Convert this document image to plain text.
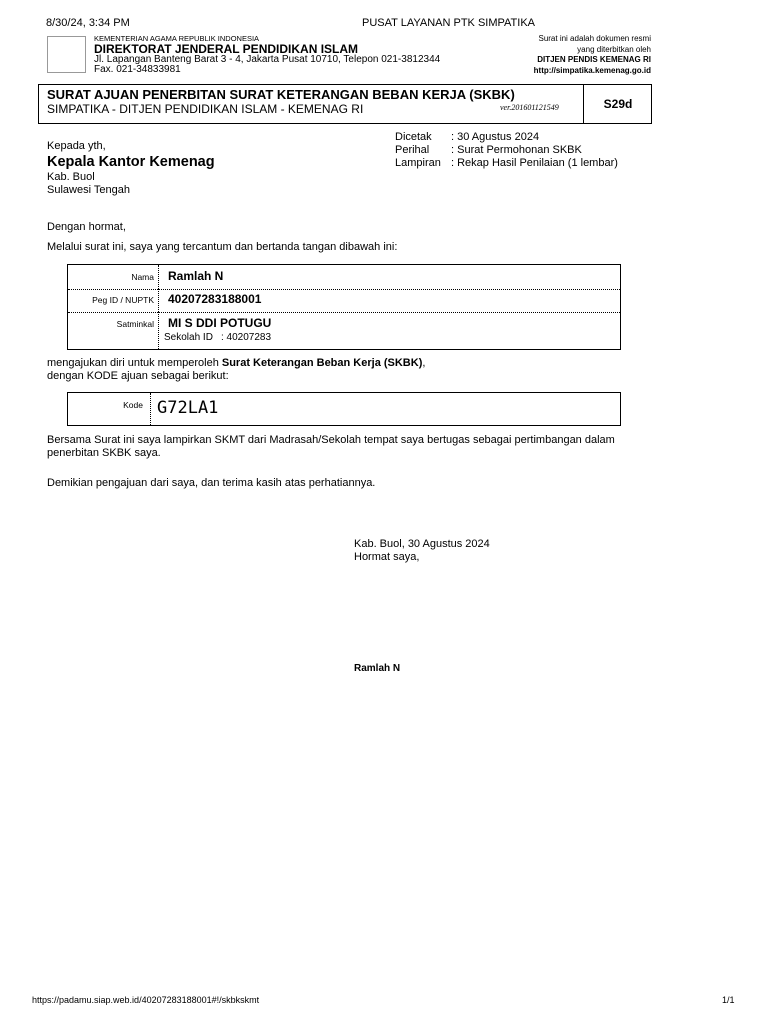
8/30/24, 3:34 PM	PUSAT LAYANAN PTK SIMPATIKA
KEMENTERIAN AGAMA REPUBLIK INDONESIA
DIREKTORAT JENDERAL PENDIDIKAN ISLAM
Jl. Lapangan Banteng Barat 3 - 4, Jakarta Pusat 10710, Telepon 021-3812344
Fax. 021-34833981
Surat ini adalah dokumen resmi
yang diterbitkan oleh
DITJEN PENDIS KEMENAG RI
http://simpatika.kemenag.go.id
SURAT AJUAN PENERBITAN SURAT KETERANGAN BEBAN KERJA (SKBK)
SIMPATIKA - DITJEN PENDIDIKAN ISLAM - KEMENAG RI	ver.201601121549	S29d
Kepada yth,
Kepala Kantor Kemenag
Kab. Buol
Sulawesi Tengah
Dicetak	: 30 Agustus 2024
Perihal	: Surat Permohonan SKBK
Lampiran	: Rekap Hasil Penilaian (1 lembar)
Dengan hormat,
Melalui surat ini, saya yang tercantum dan bertanda tangan dibawah ini:
Nama Ramlah N
Peg ID / NUPTK 40207283188001
Satminkal MI S DDI POTUGU
Sekolah ID : 40207283
mengajukan diri untuk memperoleh Surat Keterangan Beban Kerja (SKBK),
dengan KODE ajuan sebagai berikut:
Kode G72LA1
Bersama Surat ini saya lampirkan SKMT dari Madrasah/Sekolah tempat saya bertugas sebagai pertimbangan dalam
penerbitan SKBK saya.
Demikian pengajuan dari saya, dan terima kasih atas perhatiannya.
Kab. Buol, 30 Agustus 2024
Hormat saya,
Ramlah N
https://padamu.siap.web.id/40207283188001#!/skbkskmt	1/1
